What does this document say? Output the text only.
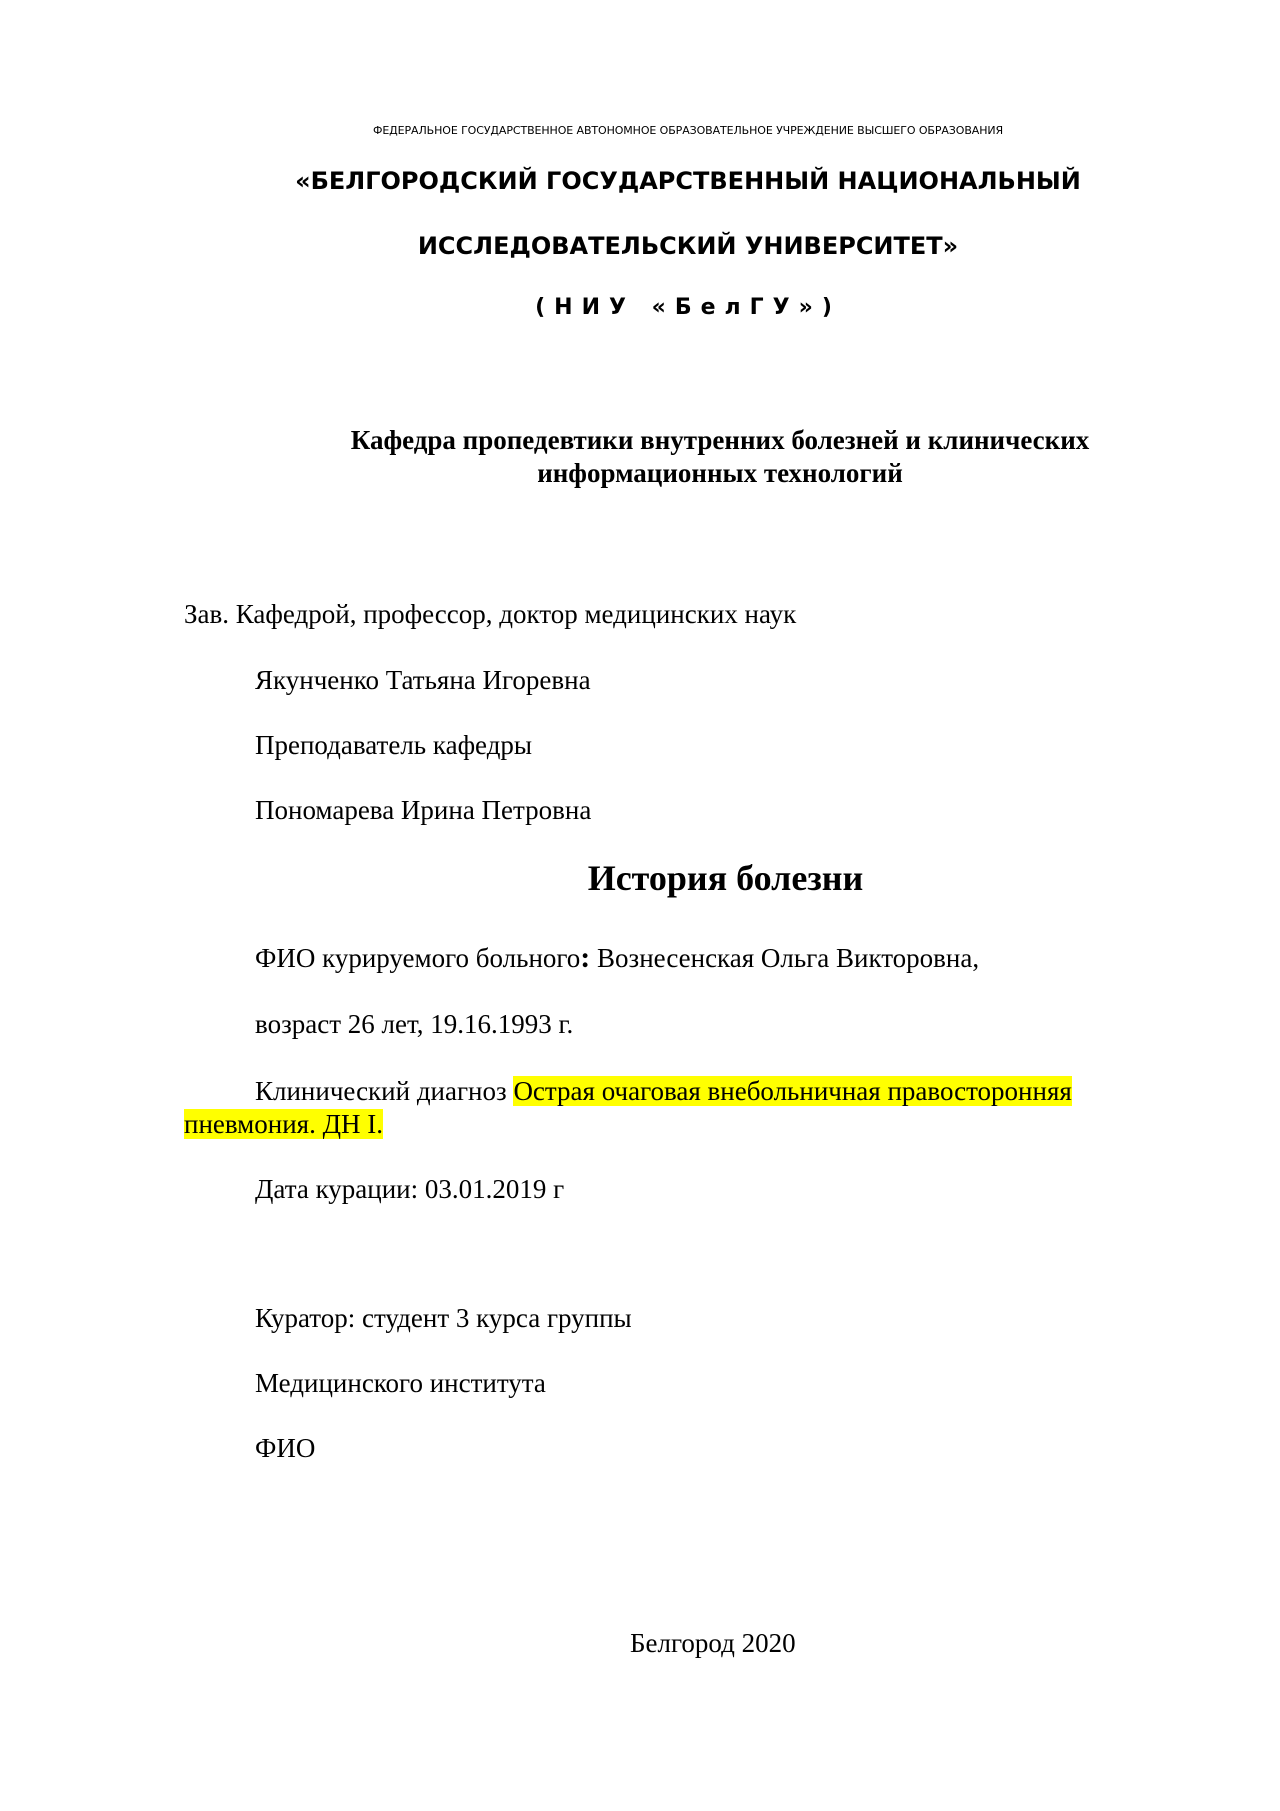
ФЕДЕРАЛЬНОЕ ГОСУДАРСТВЕННОЕ АВТОНОМНОЕ ОБРАЗОВАТЕЛЬНОЕ УЧРЕЖДЕНИЕ ВЫСШЕГО ОБРАЗОВАНИЯ
«БЕЛГОРОДСКИЙ ГОСУДАРСТВЕННЫЙ НАЦИОНАЛЬНЫЙ
ИССЛЕДОВАТЕЛЬСКИЙ УНИВЕРСИТЕТ»
(НИУ «БелГУ»)
Кафедра пропедевтики внутренних болезней и клинических
информационных технологий
Зав. Кафедрой, профессор, доктор медицинских наук
Якунченко Татьяна Игоревна
Преподаватель кафедры
Пономарева Ирина Петровна
История болезни
ФИО курируемого больного: Вознесенская Ольга Викторовна,
возраст 26 лет, 19.16.1993 г.
Клинический диагноз Острая очаговая внебольничная правосторонняя пневмония. ДН I.
Дата курации: 03.01.2019 г
Куратор: студент 3 курса группы
Медицинского института
ФИО
Белгород 2020
